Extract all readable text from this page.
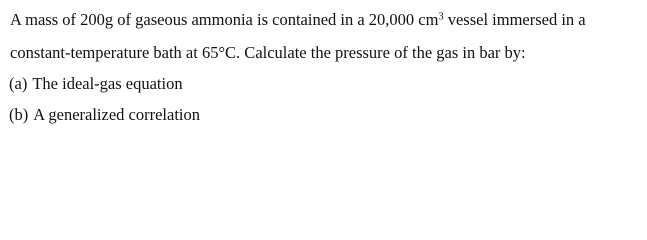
A mass of 200g of gaseous ammonia is contained in a 20,000 $cm^3$ vessel immersed in a
constant-temperature bath at 65°C. Calculate the pressure of the gas in bar by:
(a) The ideal-gas equation
(b) A generalized correlation
